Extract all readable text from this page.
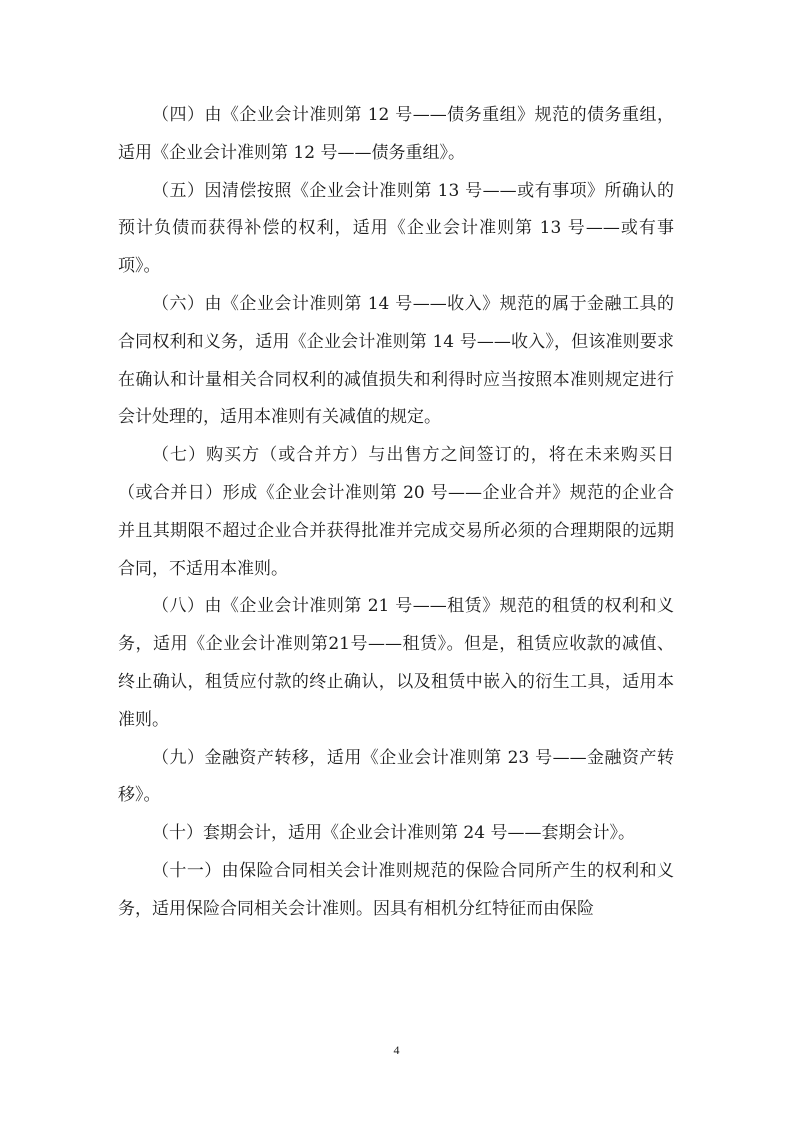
（四）由《企业会计准则第 12 号——债务重组》规范的债务重组，适用《企业会计准则第 12 号——债务重组》。

（五）因清偿按照《企业会计准则第 13 号——或有事项》所确认的预计负债而获得补偿的权利，适用《企业会计准则第 13 号——或有事项》。

（六）由《企业会计准则第 14 号——收入》规范的属于金融工具的合同权利和义务，适用《企业会计准则第 14 号——收入》，但该准则要求在确认和计量相关合同权利的减值损失和利得时应当按照本准则规定进行会计处理的，适用本准则有关减值的规定。

（七）购买方（或合并方）与出售方之间签订的，将在未来购买日（或合并日）形成《企业会计准则第 20 号——企业合并》规范的企业合并且其期限不超过企业合并获得批准并完成交易所必须的合理期限的远期合同，不适用本准则。

（八）由《企业会计准则第 21 号——租赁》规范的租赁的权利和义务，适用《企业会计准则第21号——租赁》。但是，租赁应收款的减值、终止确认，租赁应付款的终止确认，以及租赁中嵌入的衍生工具，适用本准则。

（九）金融资产转移，适用《企业会计准则第 23 号——金融资产转移》。

（十）套期会计，适用《企业会计准则第 24 号——套期会计》。

（十一）由保险合同相关会计准则规范的保险合同所产生的权利和义务，适用保险合同相关会计准则。因具有相机分红特征而由保险

4
